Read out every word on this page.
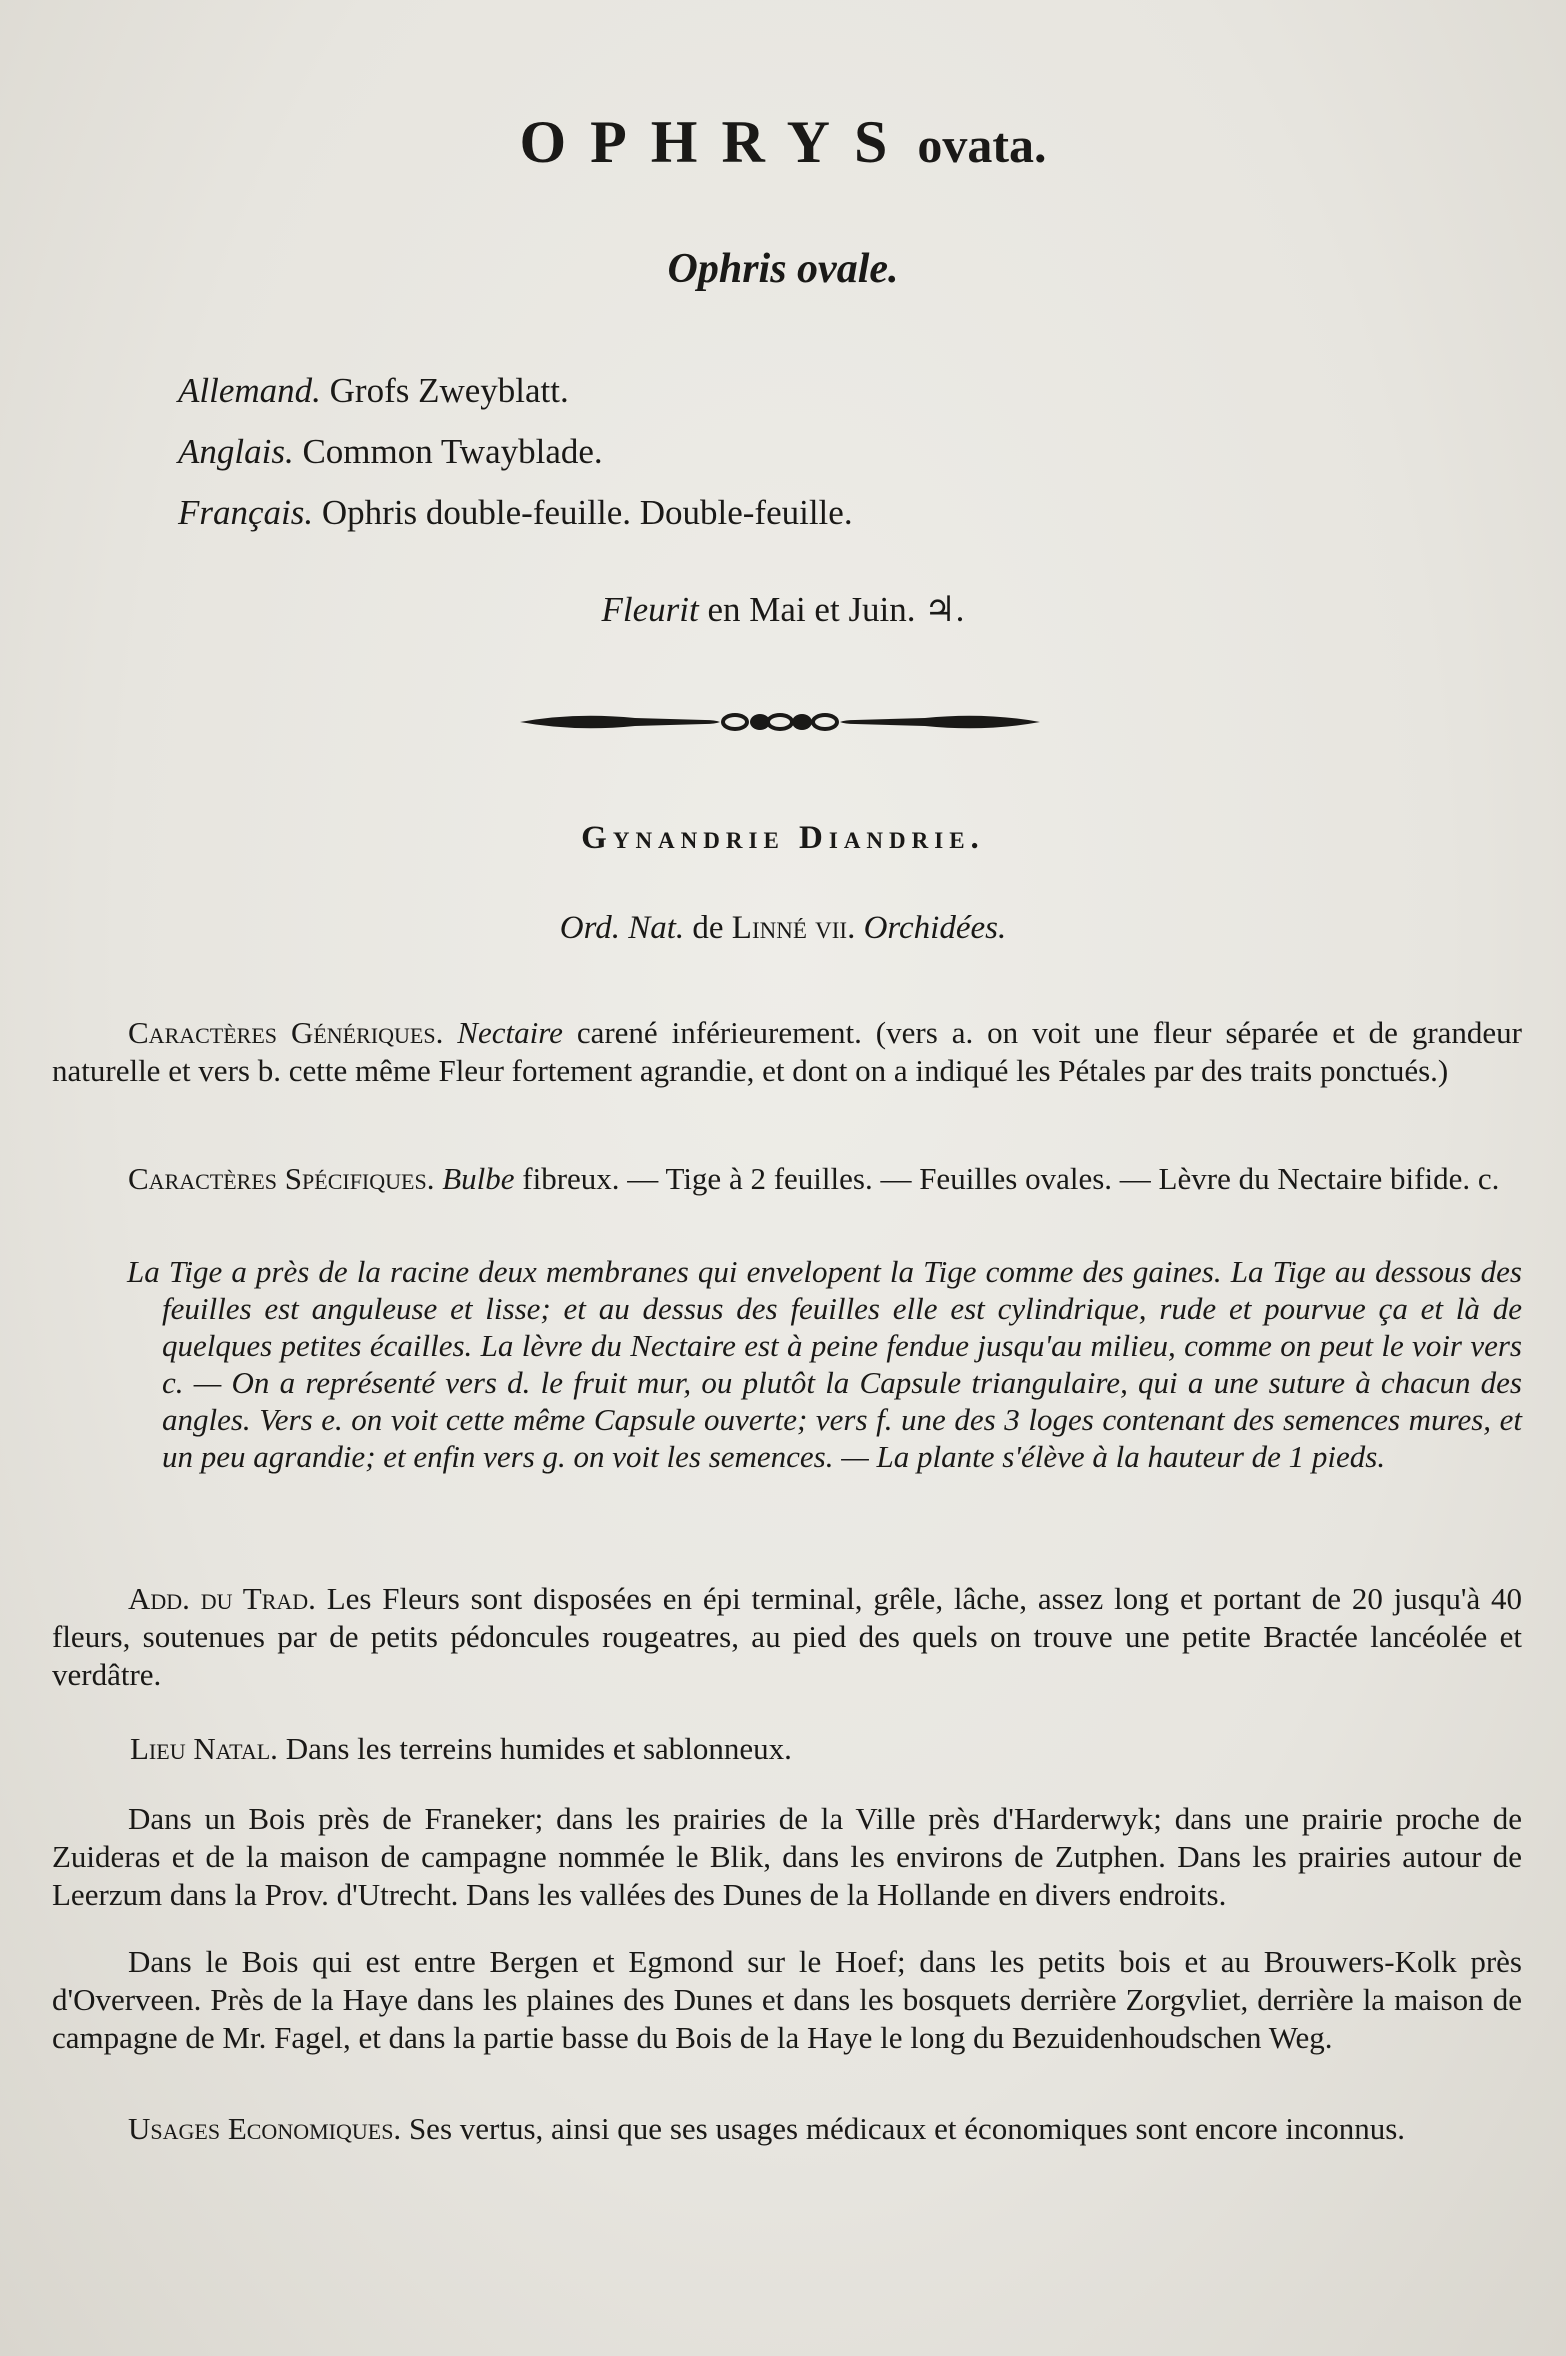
OPHRYS ovata.
Ophris ovale.
Allemand. Grofs Zweyblatt.
Anglais. Common Twayblade.
Français. Ophris double-feuille. Double-feuille.
Fleurit en Mai et Juin. ♃.
Gynandrie Diandrie.
Ord. Nat. de Linné vii. Orchidées.
Caractères Génériques. Nectaire carené inférieurement. (vers a. on voit une fleur séparée et de grandeur naturelle et vers b. cette même Fleur fortement agrandie, et dont on a indiqué les Pétales par des traits ponctués.)
Caractères Spécifiques. Bulbe fibreux. — Tige à 2 feuilles. — Feuilles ovales. — Lèvre du Nectaire bifide. c.
La Tige a près de la racine deux membranes qui envelopent la Tige comme des gaines. La Tige au dessous des feuilles est anguleuse et lisse; et au dessus des feuilles elle est cylindrique, rude et pourvue ça et là de quelques petites écailles. La lèvre du Nectaire est à peine fendue jusqu'au milieu, comme on peut le voir vers c. — On a représenté vers d. le fruit mur, ou plutôt la Capsule triangulaire, qui a une suture à chacun des angles. Vers e. on voit cette même Capsule ouverte; vers f. une des 3 loges contenant des semences mures, et un peu agrandie; et enfin vers g. on voit les semences. — La plante s'élève à la hauteur de 1 pieds.
Add. du Trad. Les Fleurs sont disposées en épi terminal, grêle, lâche, assez long et portant de 20 jusqu'à 40 fleurs, soutenues par de petits pédoncules rougeatres, au pied des quels on trouve une petite Bractée lancéolée et verdâtre.
Lieu Natal. Dans les terreins humides et sablonneux.
Dans un Bois près de Franeker; dans les prairies de la Ville près d'Harderwyk; dans une prairie proche de Zuideras et de la maison de campagne nommée le Blik, dans les environs de Zutphen. Dans les prairies autour de Leerzum dans la Prov. d'Utrecht. Dans les vallées des Dunes de la Hollande en divers endroits.
Dans le Bois qui est entre Bergen et Egmond sur le Hoef; dans les petits bois et au Brouwers-Kolk près d'Overveen. Près de la Haye dans les plaines des Dunes et dans les bosquets derrière Zorgvliet, derrière la maison de campagne de Mr. Fagel, et dans la partie basse du Bois de la Haye le long du Bezuidenhoudschen Weg.
Usages Economiques. Ses vertus, ainsi que ses usages médicaux et économiques sont encore inconnus.
